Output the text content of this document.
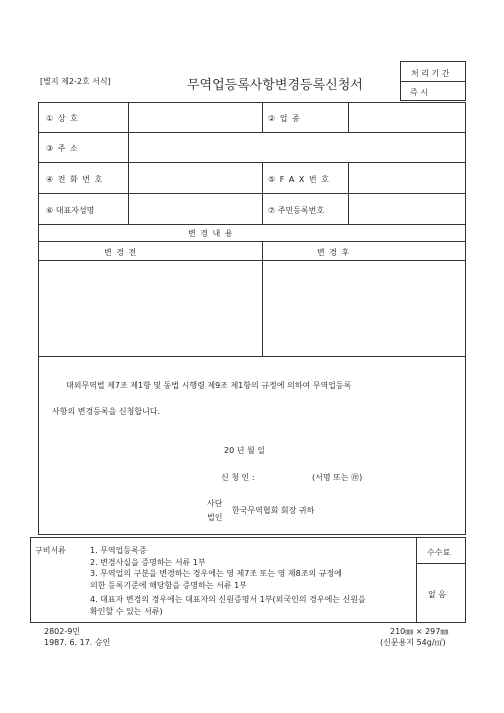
[별지 제2-2호 서식]	무역업등록사항변경등록신청서
처 리 기 간
즉 시
① 상 호	② 업 종
③ 주 소
④ 전 화 번 호	⑤ F A X 번 호
⑥ 대표자성명	⑦ 주민등록번호
변 경 내 용
변 경 전	변 경 후
대외무역법 제7조 제1항 및 동법 시행령 제9조 제1항의 규정에 의하여 무역업등록
사항의 변경등록을 신청합니다.
20 년 월 일
신 청 인 :	(서명 또는 ㊞)
사단
법인
한국무역협회 회장 귀하
구비서류	1. 무역업등록증
2. 변경사실을 증명하는 서류 1부
3. 무역업의 구분을 변경하는 경우에는 영 제7조 또는 영 제8조의 규정에
의한 등록기준에 해당함을 증명하는 서류 1부
4. 대표자 변경의 경우에는 대표자의 신원증명서 1부(외국인의 경우에는 신원을
확인할 수 있는 서류)
수수료
없 음
2802-9민
1987. 6. 17. 승인
210㎜ × 297㎜
(신문용지 54g/㎡)
